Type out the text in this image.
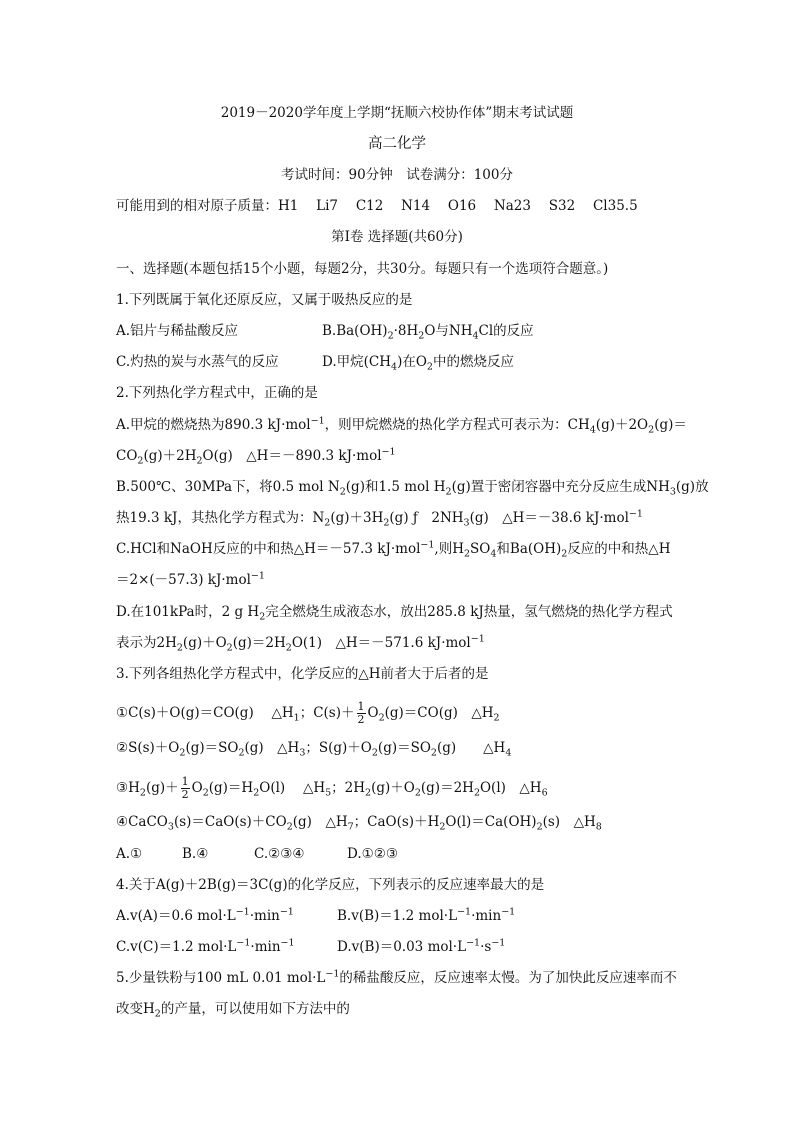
2019－2020学年度上学期“抚顺六校协作体”期末考试试题
高二化学
考试时间：90分钟　试卷满分：100分
可能用到的相对原子质量：H1　 Li7　 C12　 N14　 O16　 Na23　 S32　 Cl35.5
第Ⅰ卷 选择题(共60分)
一、选择题(本题包括15个小题，每题2分，共30分。每题只有一个选项符合题意。)
1.下列既属于氧化还原反应，又属于吸热反应的是
A.铝片与稀盐酸反应	$B.Ba(OH)_2\cdot 8H_2O$与$NH_4Cl$的反应
C.灼热的炭与水蒸气的反应	D.甲烷$(CH_4)$在$O_2$中的燃烧反应
2.下列热化学方程式中，正确的是
A.甲烷的燃烧热为890.3 kJ·mol$^{-1}$，则甲烷燃烧的热化学方程式可表示为：$CH_4(g)+2O_2(g)=$
$CO_2(g)+2H_2O(g)$　△H＝－890.3 kJ·mol$^{-1}$
B.500℃、30MPa下，将0.5 mol $N_2(g)$和1.5 mol $H_2(g)$置于密闭容器中充分反应生成$NH_3(g)$放
热19.3 kJ，其热化学方程式为：$N_2(g)+3H_2(g)$ ƒ　$2NH_3(g)$　△H＝－38.6 kJ·mol$^{-1}$
C.HCl和NaOH反应的中和热△H＝－57.3 kJ·mol$^{-1}$,则$H_2SO_4$和$Ba(OH)_2$反应的中和热△H
＝2×(－57.3) kJ·mol$^{-1}$
D.在101kPa时，2 g $H_2$完全燃烧生成液态水，放出285.8 kJ热量，氢气燃烧的热化学方程式
表示为$2H_2(g)+O_2(g)=2H_2O(1)$　△H＝－571.6 kJ·mol$^{-1}$
3.下列各组热化学方程式中，化学反应的△H前者大于后者的是
①C(s)＋O(g)＝CO(g)　 $\triangle H_1$；$C(s)+ \frac{1}{2} O_2(g)=CO(g)$　$\triangle H_2$
$②S(s)+O_2(g)=SO_2(g)$　$\triangle H_3$；$S(g)+O_2(g)=SO_2(g)$　　$\triangle H_4$
$③H_2(g)+ \frac{1}{2} O_2(g)=H_2O(l)$　 $\triangle H_5$；$2H_2(g)+O_2(g)=2H_2O(l)$　$\triangle H_6$
$④CaCO_3(s)=CaO(s)+CO_2(g)$　$\triangle H_7$；$CaO(s)+H_2O(l)=Ca(OH)_2(s)$　$\triangle H_8$
A.①	B.④	C.②③④	D.①②③
4.关于A(g)＋2B(g)＝3C(g)的化学反应，下列表示的反应速率最大的是
A.v(A)＝0.6 $mol\cdot L^{-1}\cdot\min^{-1}$	B.v(B)＝1.2 $mol\cdot L^{-1}\cdot\min^{-1}$
C.v(C)＝1.2 $mol\cdot L^{-1}\cdot\min^{-1}$	D.v(B)＝0.03 $mol\cdot L^{-1}\cdot s^{-1}$
5.少量铁粉与100 mL 0.01 $mol\cdot L^{-1}$的稀盐酸反应，反应速率太慢。为了加快此反应速率而不
改变$H_2$的产量，可以使用如下方法中的
